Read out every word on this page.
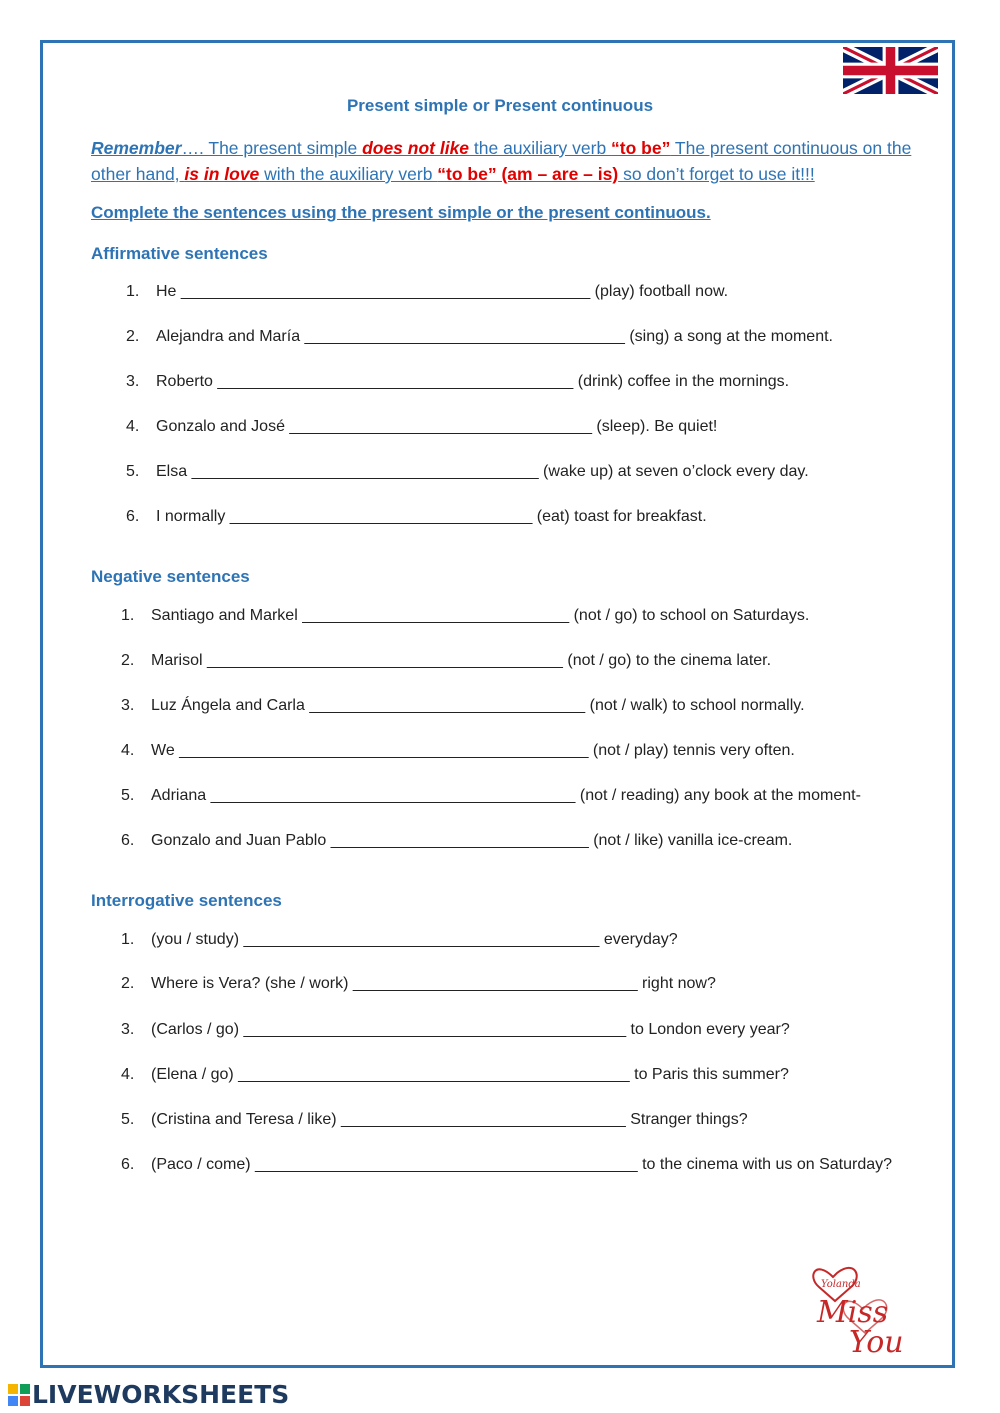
Present simple or Present continuous
Remember…. The present simple does not like the auxiliary verb “to be” The present continuous on the other hand, is in love with the auxiliary verb “to be” (am – are – is) so don’t forget to use it!!!
Complete the sentences using the present simple or the present continuous.
Affirmative sentences
1. He ______________________________________________ (play) football now.
2. Alejandra and María ____________________________________ (sing) a song at the moment.
3. Roberto ________________________________________ (drink) coffee in the mornings.
4. Gonzalo and José __________________________________ (sleep). Be quiet!
5. Elsa _______________________________________ (wake up) at seven o’clock every day.
6. I normally __________________________________ (eat) toast for breakfast.
Negative sentences
1. Santiago and Markel ______________________________ (not / go) to school on Saturdays.
2. Marisol ________________________________________ (not / go) to the cinema later.
3. Luz Ángela and Carla _______________________________ (not / walk) to school normally.
4. We ______________________________________________ (not / play) tennis very often.
5. Adriana _________________________________________ (not / reading) any book at the moment-
6. Gonzalo and Juan Pablo _____________________________ (not / like) vanilla ice-cream.
Interrogative sentences
1. (you / study) ________________________________________ everyday?
2. Where is Vera? (she / work) ________________________________ right now?
3. (Carlos / go) ___________________________________________ to London every year?
4. (Elena / go) ____________________________________________ to Paris this summer?
5. (Cristina and Teresa / like) ________________________________ Stranger things?
6. (Paco / come) ___________________________________________ to the cinema with us on Saturday?
Yolanda
Miss
You
LIVEWORKSHEETS
